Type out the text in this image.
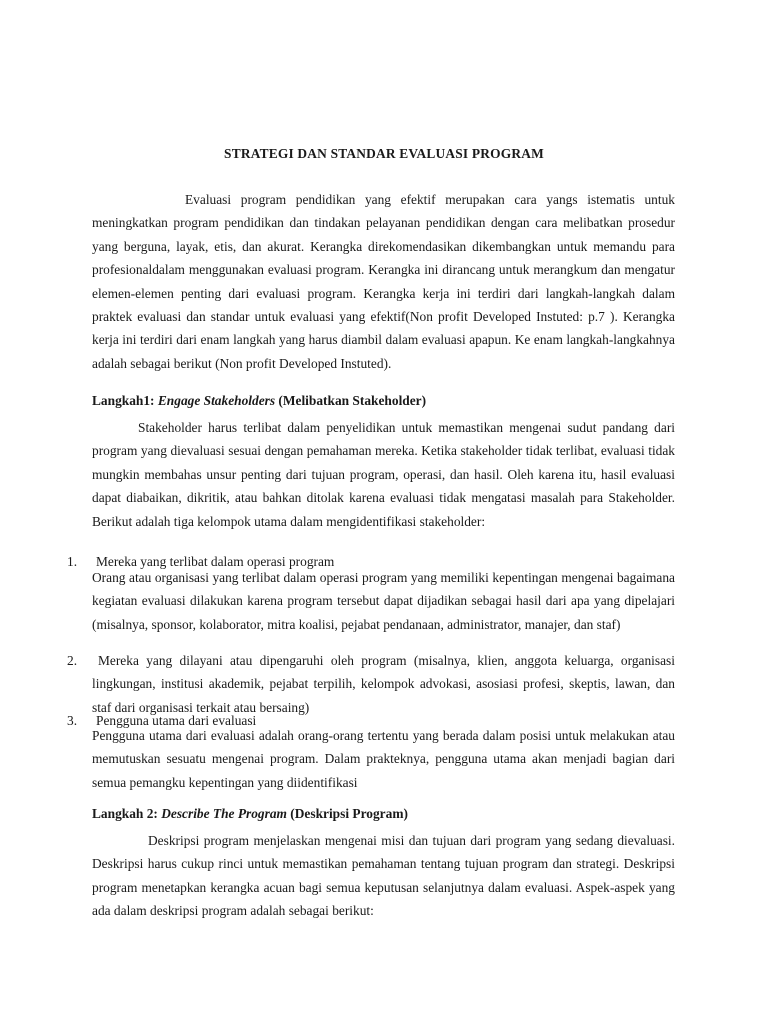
STRATEGI DAN STANDAR EVALUASI PROGRAM
Evaluasi program pendidikan yang efektif merupakan cara yangs istematis untuk meningkatkan program pendidikan dan tindakan pelayanan pendidikan dengan cara melibatkan prosedur yang berguna, layak, etis, dan akurat. Kerangka direkomendasikan dikembangkan untuk memandu para profesionaldalam menggunakan evaluasi program. Kerangka ini dirancang untuk merangkum dan mengatur elemen-elemen penting dari evaluasi program. Kerangka kerja ini terdiri dari langkah-langkah dalam praktek evaluasi dan standar untuk evaluasi yang efektif(Non profit Developed Instuted: p.7 ). Kerangka kerja ini terdiri dari enam langkah yang harus diambil dalam evaluasi apapun. Ke enam langkah-langkahnya adalah sebagai berikut (Non profit Developed Instuted).
Langkah1: Engage Stakeholders (Melibatkan Stakeholder)
Stakeholder harus terlibat dalam penyelidikan untuk memastikan mengenai sudut pandang dari program yang dievaluasi sesuai dengan pemahaman mereka. Ketika stakeholder tidak terlibat, evaluasi tidak mungkin membahas unsur penting dari tujuan program, operasi, dan hasil. Oleh karena itu, hasil evaluasi dapat diabaikan, dikritik, atau bahkan ditolak karena evaluasi tidak mengatasi masalah para Stakeholder. Berikut adalah tiga kelompok utama dalam mengidentifikasi stakeholder:
1. Mereka yang terlibat dalam operasi program
Orang atau organisasi yang terlibat dalam operasi program yang memiliki kepentingan mengenai bagaimana kegiatan evaluasi dilakukan karena program tersebut dapat dijadikan sebagai hasil dari apa yang dipelajari (misalnya, sponsor, kolaborator, mitra koalisi, pejabat pendanaan, administrator, manajer, dan staf)
2.	Mereka yang dilayani atau dipengaruhi oleh program (misalnya, klien, anggota keluarga, organisasi lingkungan, institusi akademik, pejabat terpilih, kelompok advokasi, asosiasi profesi, skeptis, lawan, dan staf dari organisasi terkait atau bersaing)
3. Pengguna utama dari evaluasi
Pengguna utama dari evaluasi adalah orang-orang tertentu yang berada dalam posisi untuk melakukan atau memutuskan sesuatu mengenai program. Dalam prakteknya, pengguna utama akan menjadi bagian dari semua pemangku kepentingan yang diidentifikasi
Langkah 2: Describe The Program (Deskripsi Program)
Deskripsi program menjelaskan mengenai misi dan tujuan dari program yang sedang dievaluasi. Deskripsi harus cukup rinci untuk memastikan pemahaman tentang tujuan program dan strategi. Deskripsi program menetapkan kerangka acuan bagi semua keputusan selanjutnya dalam evaluasi. Aspek-aspek yang ada dalam deskripsi program adalah sebagai berikut:
